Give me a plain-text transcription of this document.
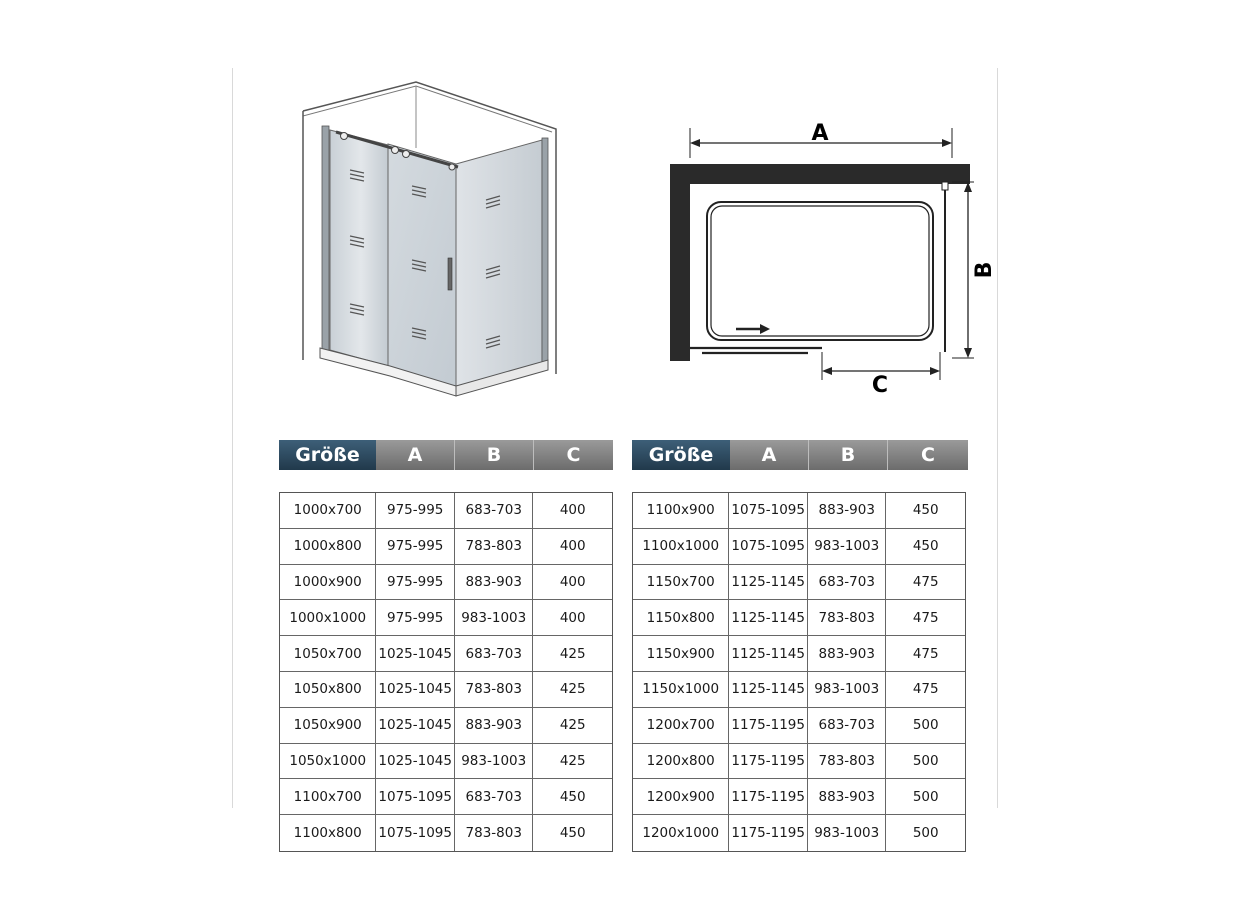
A
B
C
Größe	A	B	C	Größe	A	B	C
1000x700	975-995	683-703	400
1000x800	975-995	783-803	400
1000x900	975-995	883-903	400
1000x1000	975-995	983-1003	400
1050x700	1025-1045	683-703	425
1050x800	1025-1045	783-803	425
1050x900	1025-1045	883-903	425
1050x1000 1025-1045 983-1003	425
1100x700	1075-1095	683-703	450
1100x800	1075-1095	783-803	450
1100x900	1075-1095	883-903	450
1100x1000 1075-1095 983-1003	450
1150x700	1125-1145	683-703	475
1150x800	1125-1145	783-803	475
1150x900	1125-1145	883-903	475
1150x1000 1125-1145 983-1003	475
1200x700	1175-1195	683-703	500
1200x800	1175-1195	783-803	500
1200x900	1175-1195	883-903	500
1200x1000 1175-1195 983-1003	500
